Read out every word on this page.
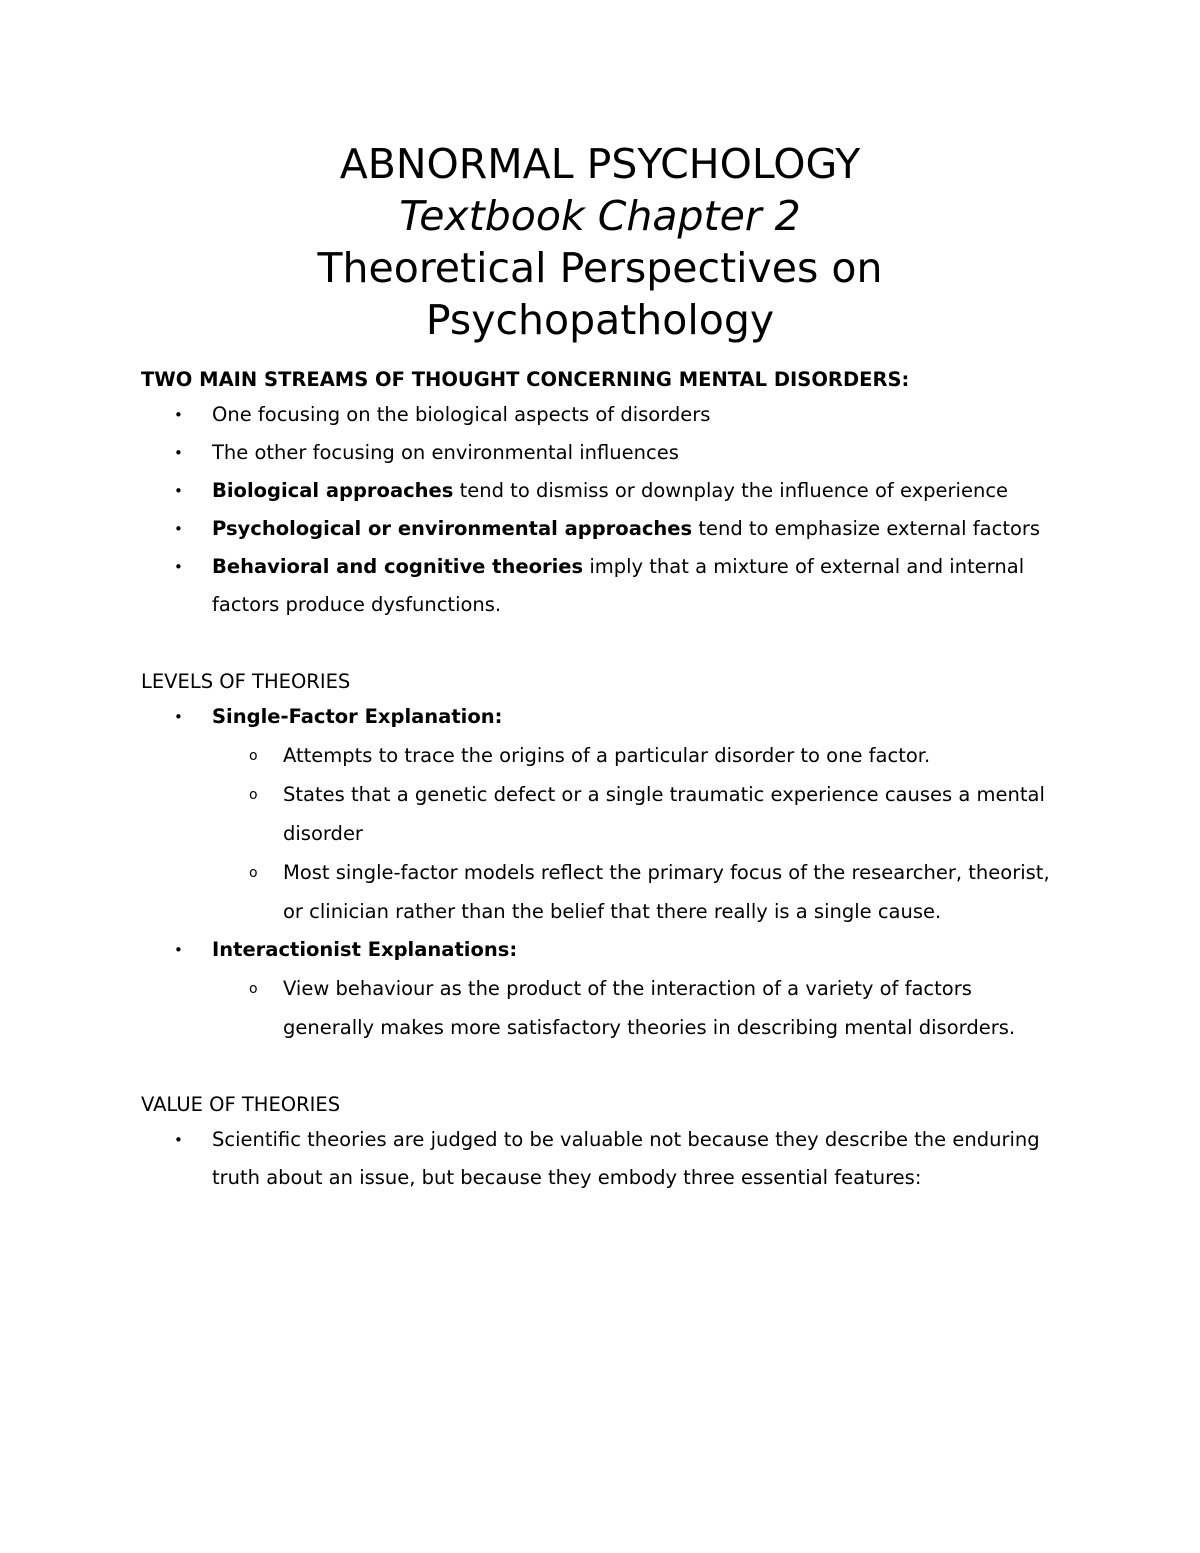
ABNORMAL PSYCHOLOGY
Textbook Chapter 2
Theoretical Perspectives on
Psychopathology
TWO MAIN STREAMS OF THOUGHT CONCERNING MENTAL DISORDERS:
• One focusing on the biological aspects of disorders
• The other focusing on environmental influences
• Biological approaches tend to dismiss or downplay the influence of experience
• Psychological or environmental approaches tend to emphasize external factors
• Behavioral and cognitive theories imply that a mixture of external and internal factors produce dysfunctions.
LEVELS OF THEORIES
• Single-Factor Explanation:
o Attempts to trace the origins of a particular disorder to one factor.
o States that a genetic defect or a single traumatic experience causes a mental disorder
o Most single-factor models reflect the primary focus of the researcher, theorist, or clinician rather than the belief that there really is a single cause.
• Interactionist Explanations:
o View behaviour as the product of the interaction of a variety of factors generally makes more satisfactory theories in describing mental disorders.
VALUE OF THEORIES
• Scientific theories are judged to be valuable not because they describe the enduring truth about an issue, but because they embody three essential features:
